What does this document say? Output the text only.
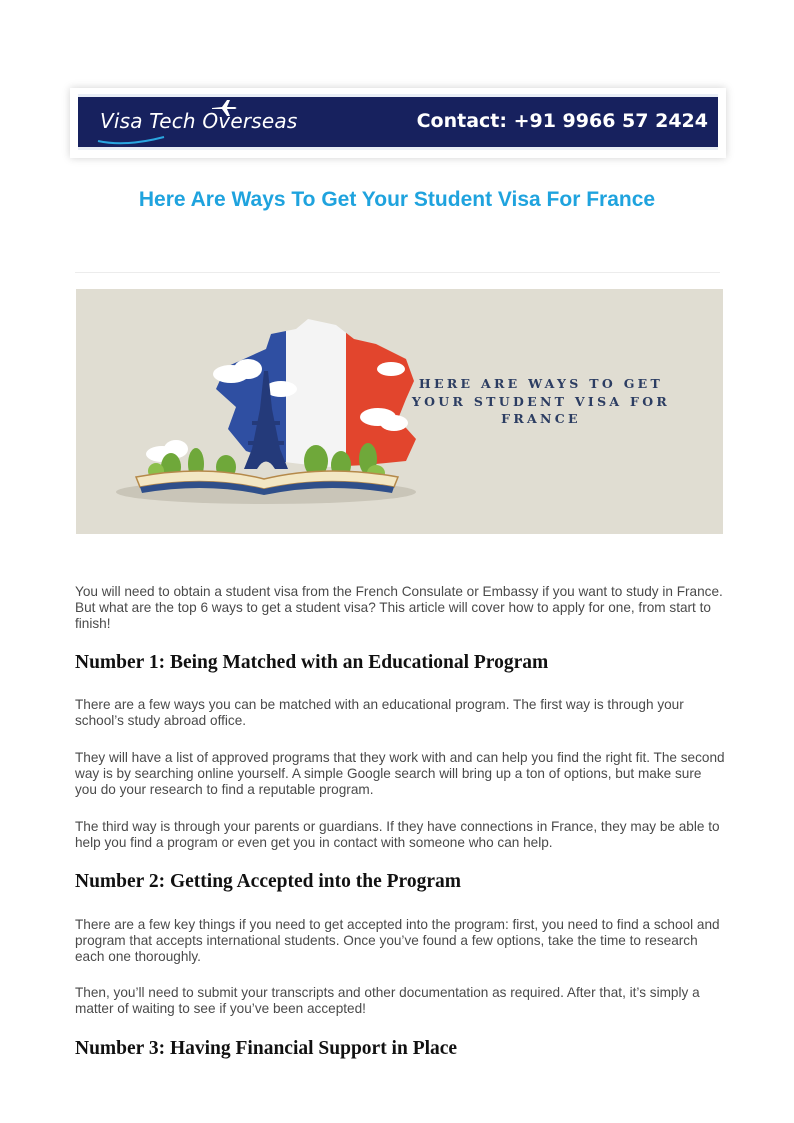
Visa Tech Overseas	Contact: +91 9966 57 2424
Here Are Ways To Get Your Student Visa For France
HERE ARE WAYS TO GET
YOUR STUDENT VISA FOR
FRANCE

You will need to obtain a student visa from the French Consulate or Embassy if you want to study in France. But what are the top 6 ways to get a student visa? This article will cover how to apply for one, from start to finish!

Number 1: Being Matched with an Educational Program

There are a few ways you can be matched with an educational program. The first way is through your school’s study abroad office.

They will have a list of approved programs that they work with and can help you find the right fit. The second way is by searching online yourself. A simple Google search will bring up a ton of options, but make sure you do your research to find a reputable program.

The third way is through your parents or guardians. If they have connections in France, they may be able to help you find a program or even get you in contact with someone who can help.

Number 2: Getting Accepted into the Program

There are a few key things if you need to get accepted into the program: first, you need to find a school and program that accepts international students. Once you’ve found a few options, take the time to research each one thoroughly.

Then, you’ll need to submit your transcripts and other documentation as required. After that, it’s simply a matter of waiting to see if you’ve been accepted!

Number 3: Having Financial Support in Place
